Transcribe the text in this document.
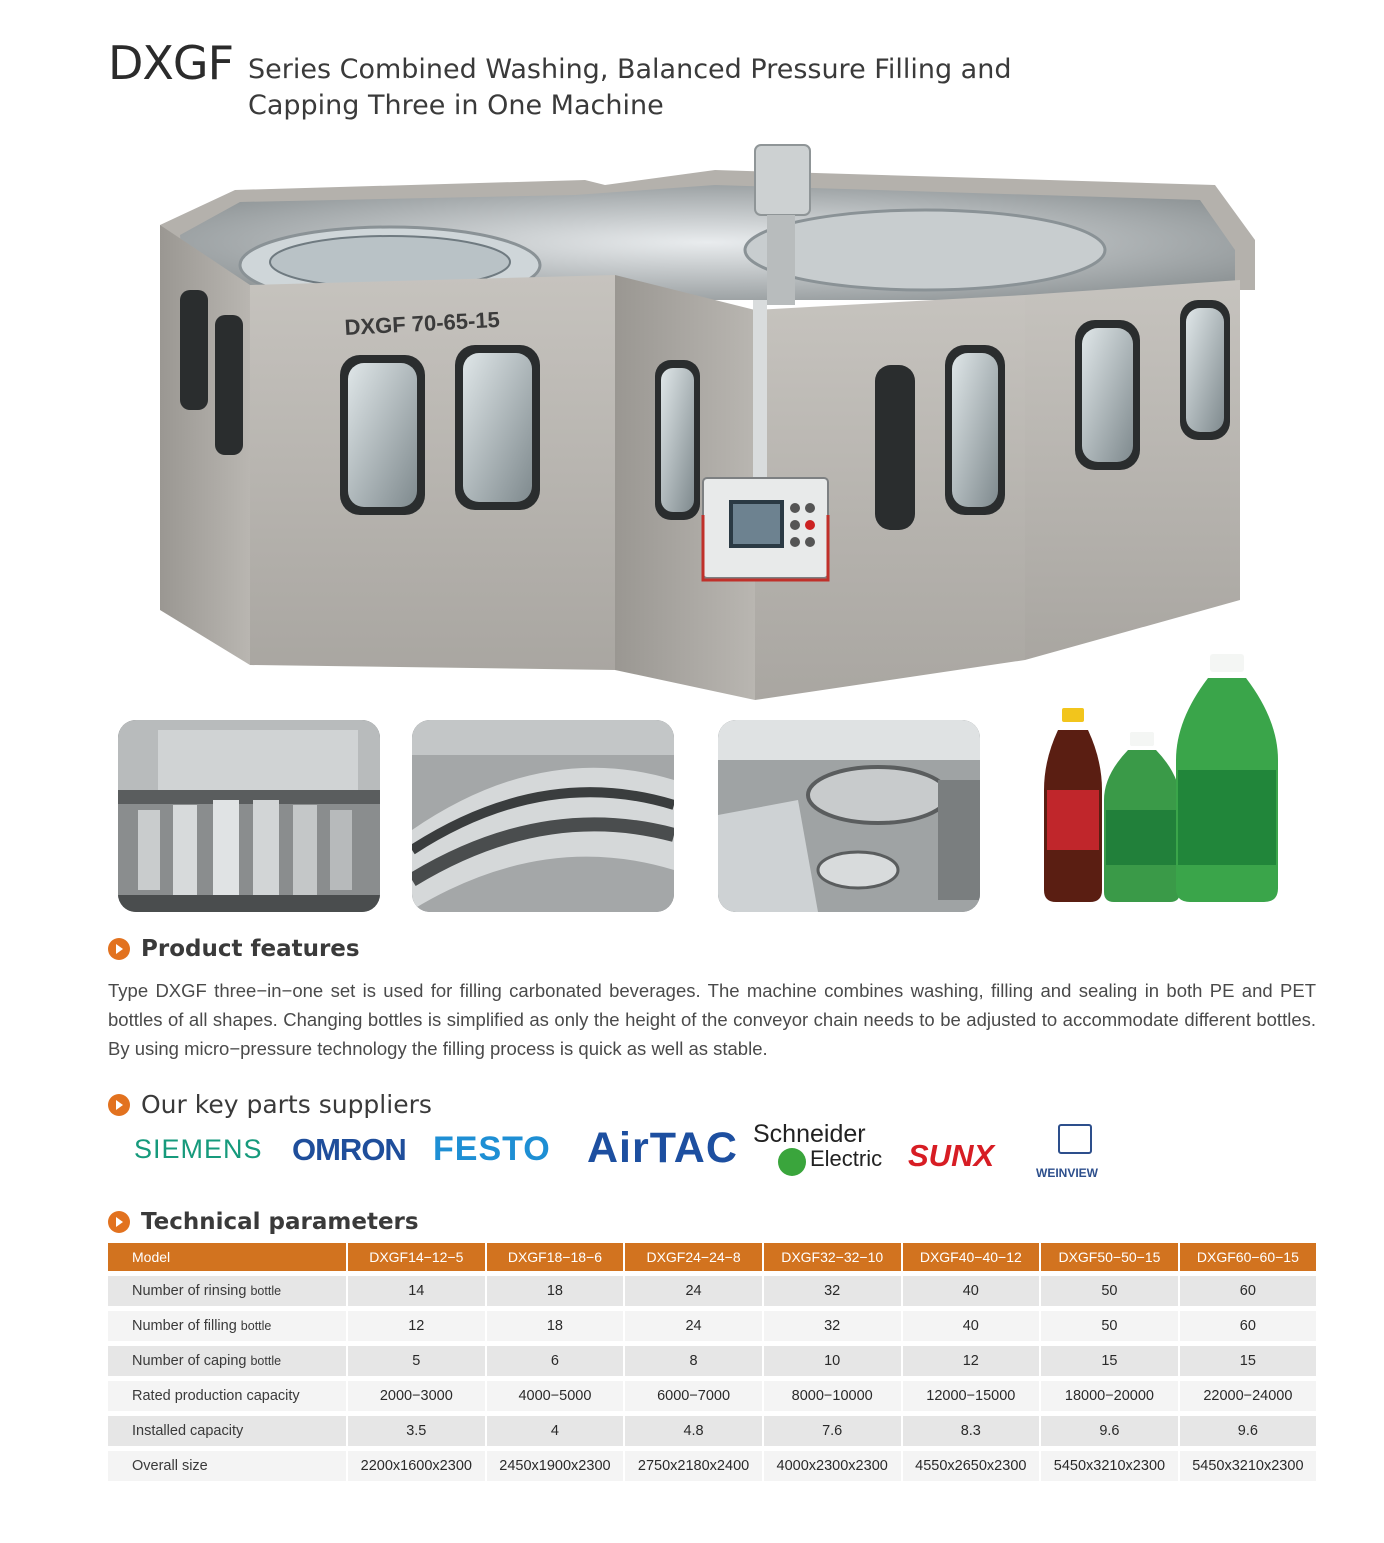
DXGF Series Combined Washing, Balanced Pressure Filling and
Capping Three in One Machine
DXGF 70-65-15
Product features
Type DXGF three−in−one set is used for filling carbonated beverages. The machine combines washing, filling and sealing in both PE and PET bottles of all shapes. Changing bottles is simplified as only the height of the conveyor chain needs to be adjusted to accommodate different bottles. By using micro−pressure technology the filling process is quick as well as stable.
Our key parts suppliers
SIEMENS OMRON FESTO AirTAC Schneider
Electric SUNX	WEINVIEW
Technical parameters
Model	DXGF14−12−5	DXGF18−18−6	DXGF24−24−8	DXGF32−32−10	DXGF40−40−12	DXGF50−50−15	DXGF60−60−15
Number of rinsing bottle	14	18	24	32	40	50	60
Number of filling bottle	12	18	24	32	40	50	60
Number of caping bottle	5	6	8	10	12	15	15
Rated production capacity	2000−3000	4000−5000	6000−7000	8000−10000	12000−15000	18000−20000	22000−24000
Installed capacity	3.5	4	4.8	7.6	8.3	9.6	9.6
Overall size	2200x1600x2300	2450x1900x2300	2750x2180x2400	4000x2300x2300	4550x2650x2300	5450x3210x2300	5450x3210x2300
